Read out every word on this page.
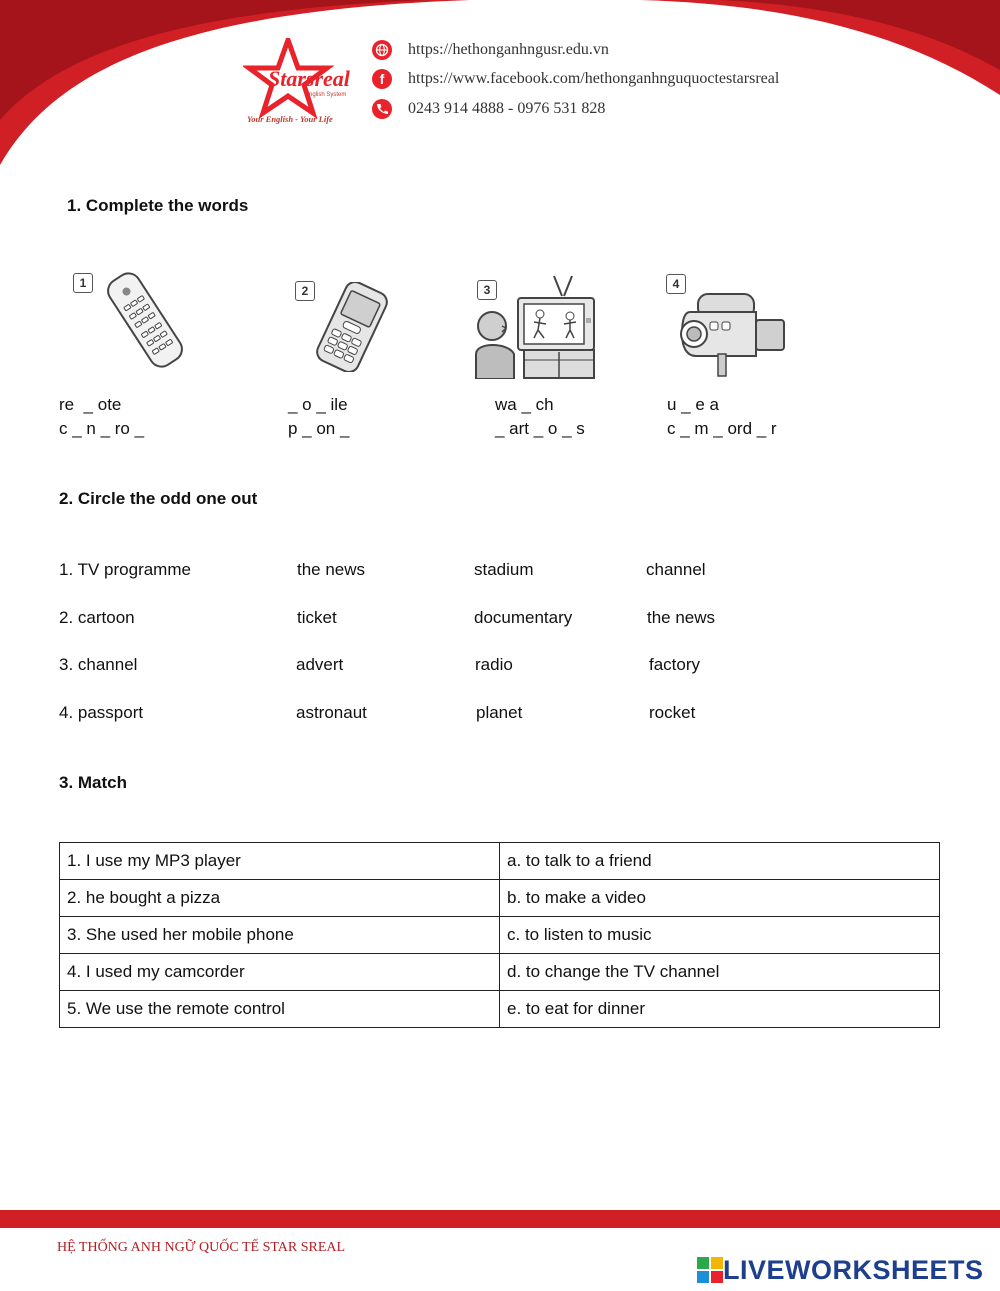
Starsreal
English System
Your English - Your Life
https://hethonganhngusr.edu.vn
f https://www.facebook.com/hethonganhnguquoctestarsreal
0243 914 4888 - 0976 531 828
1. Complete the words
1
2	3	4
re  _ ote
c _ n _ ro _
_ o _ ile
p _ on _
wa _ ch
_ art _ o _ s
u _ e a
c _ m _ ord _ r
2. Circle the odd one out
1. TV programme	the news	stadium	channel
2. cartoon	ticket	documentary	the news
3. channel	advert	radio	factory
4. passport	astronaut	planet	rocket
3. Match
1. I use my MP3 player	a. to talk to a friend
2. he bought a pizza	b. to make a video
3. She used her mobile phone	c. to listen to music
4. I used my camcorder	d. to change the TV channel
5. We use the remote control	e. to eat for dinner
HỆ THỐNG ANH NGỮ QUỐC TẾ STAR SREAL
LIVEWORKSHEETS
